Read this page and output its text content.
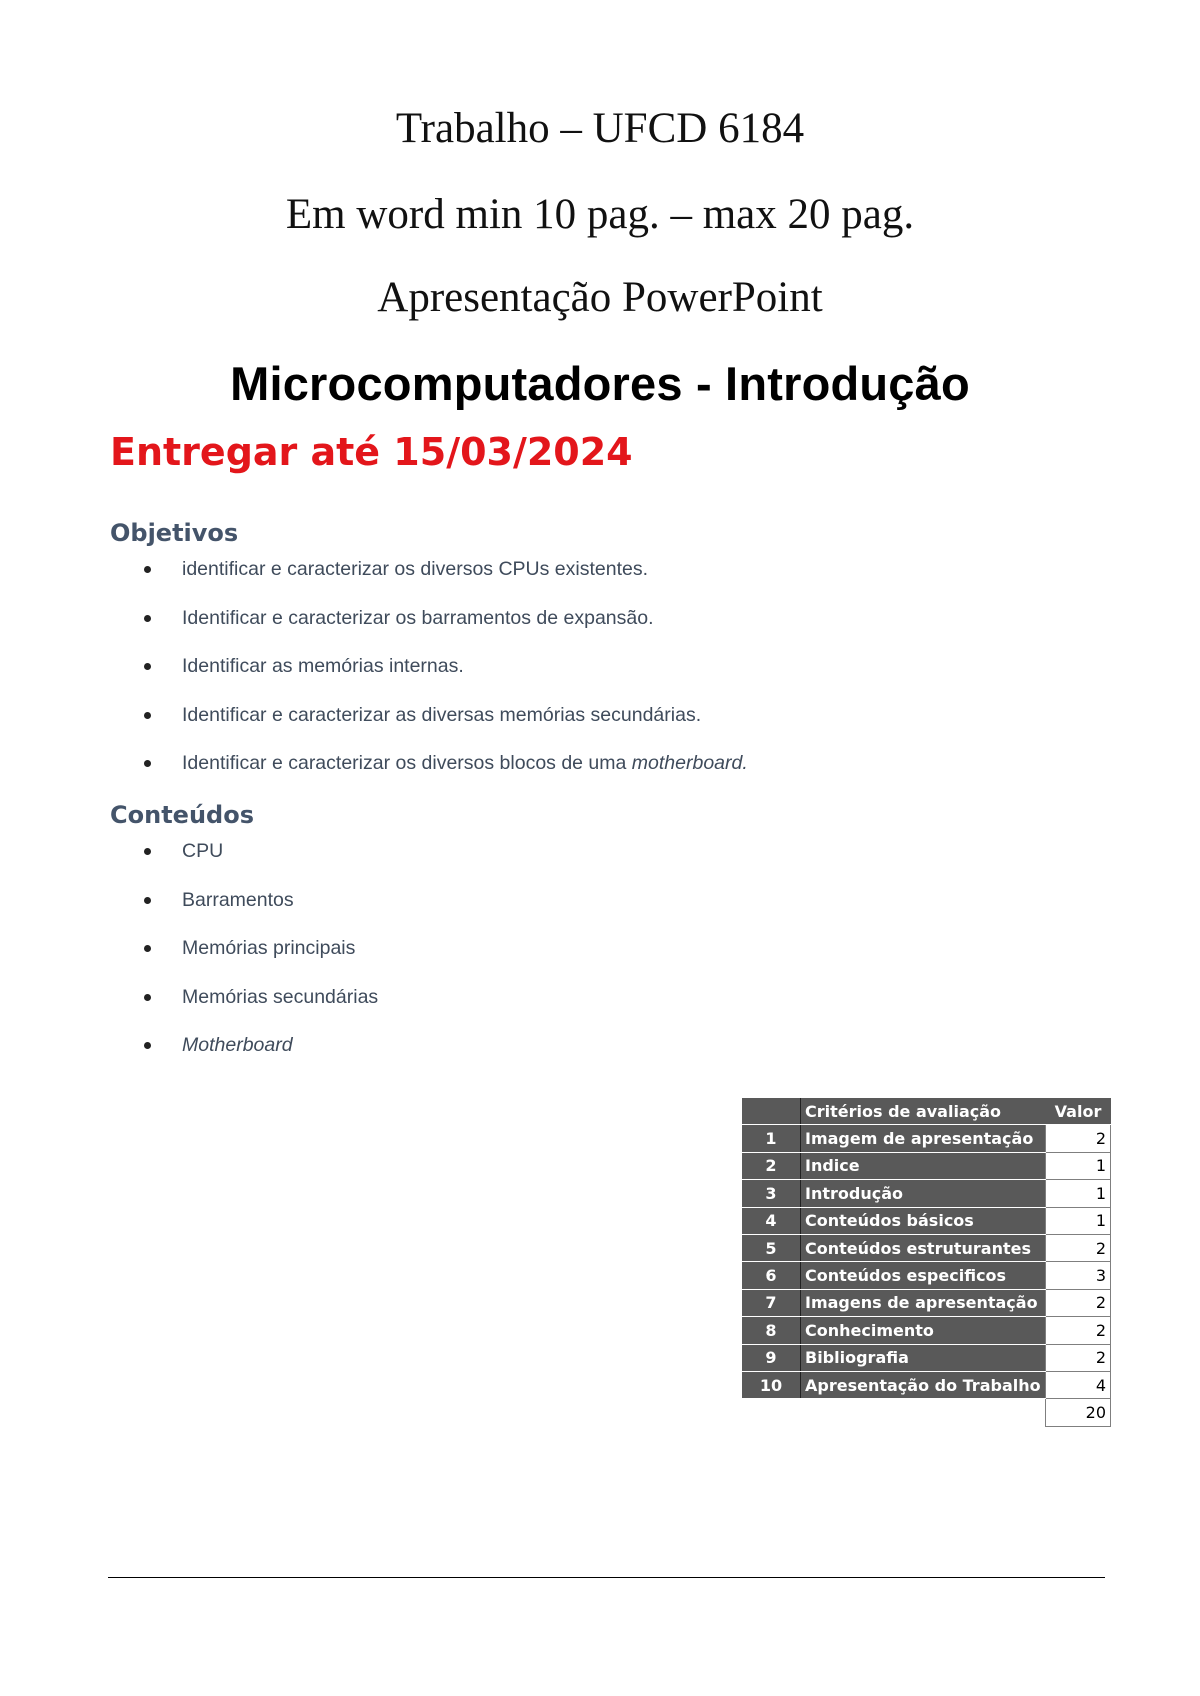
Trabalho – UFCD 6184
Em word min 10 pag. – max 20 pag.
Apresentação PowerPoint
Microcomputadores - Introdução
Entregar até 15/03/2024
Objetivos
identificar e caracterizar os diversos CPUs existentes.
Identificar e caracterizar os barramentos de expansão.
Identificar as memórias internas.
Identificar e caracterizar as diversas memórias secundárias.
Identificar e caracterizar os diversos blocos de uma motherboard.
Conteúdos
CPU
Barramentos
Memórias principais
Memórias secundárias
Motherboard
	Critérios de avaliação	Valor
1	Imagem de apresentação	2
2	Indice	1
3	Introdução	1
4	Conteúdos básicos	1
5	Conteúdos estruturantes	2
6	Conteúdos especificos	3
7	Imagens de apresentação	2
8	Conhecimento	2
9	Bibliografia	2
10	Apresentação do Trabalho	4
		20
